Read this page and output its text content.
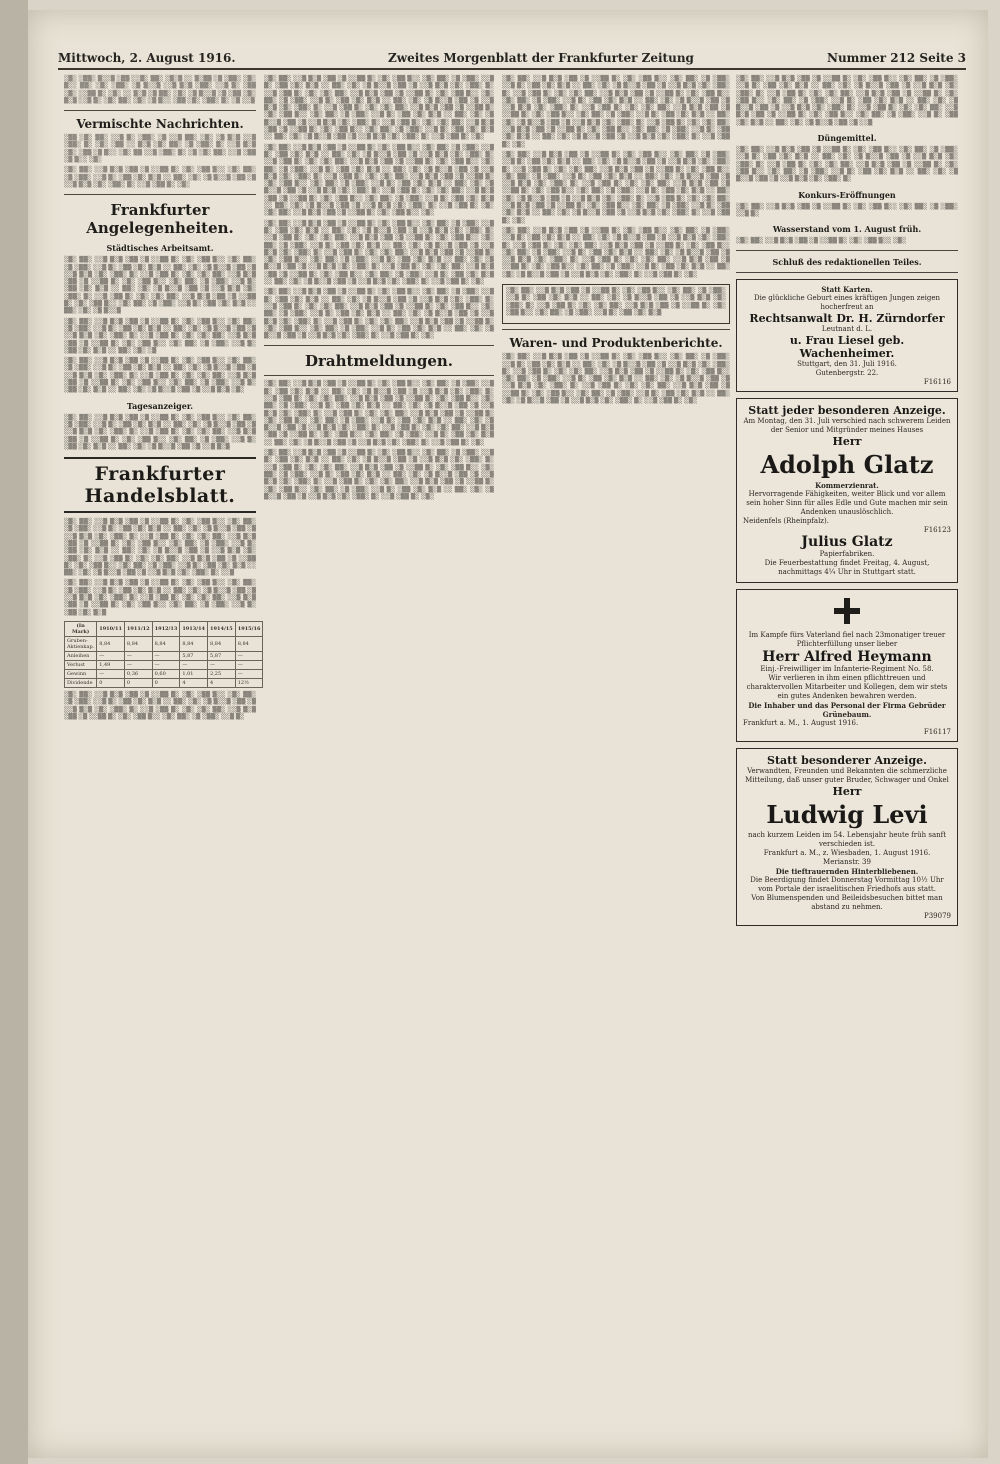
Mittwoch, 2. August 1916.	Zweites Morgenblatt der Frankfurter Zeitung	Nummer 212 Seite 3

░▒░ ░▒▒░ ▒░░▒ ░▒▒ ░░▒░ ▒▒░ ░▒░▒ ░░ ▒░▒▒ ░▒ ░▒▒░ ░▒░ ▒░░ ▒▒░ ░▒░ ░▒▒░ ░▒ ▒░░▒ ░░▒ ▒░▒ ░▒▒░ ░░▒ ▒░ ░▒▒ ░▒░ ░░▒▒ ▒░ ░▒░ ░░ ▒░▒ ░▒ ▒▒░ ░▒░ ░▒ ▒░░▒ ░▒ ░▒▒ ░▒░ ▒░▒ ░░▒ ▒░ ░▒░ ▒▒░ ░▒░ ░▒ ▒░░ ░▒▒ ░▒░ ░▒▒░ ▒░ ░▒ ░░▒

Vermischte Nachrichten.

░▒▒ ░▒░ ▒▒░ ░░▒ ▒░ ░▒▒░ ░▒ ░░▒ ▒▒░ ░▒░ ░▒ ▒░▒ ░░▒ ░▒▒░ ▒░ ░▒░ ░▒▒ ░░ ▒░▒ ░▒░ ▒▒░ ░▒ ░▒▒░ ▒░ ░░▒ ▒░▒ ░▒░ ░▒▒ ░▒ ▒░░ ░▒░ ▒▒ ░░▒ ░▒▒░ ▒░ ░▒ ░▒░ ▒▒░ ░░▒ ░▒▒ ░▒ ▒░░ ░▒░

░▒░ ▒▒░ ░░▒ ▒░▒ ░▒▒ ░▒ ░░▒▒ ▒░ ░▒░ ░▒▒ ▒░░ ░▒░ ▒▒░ ░▒ ░▒▒░ ░░▒ ▒░ ░▒▒ ░▒░ ▒░▒ ░░ ▒▒░ ░▒░ ░▒ ▒░░▒ ░▒▒ ░▒ ░░▒ ▒░▒ ░▒░ ░▒▒░ ▒░ ░░▒ ░▒▒ ▒░ ░▒░

Frankfurter Angelegenheiten.
Städtisches Arbeitsamt.

░▒░ ▒▒░ ░░▒ ▒░▒ ░▒▒ ░▒ ░░▒▒ ▒░ ░▒░ ░▒▒ ▒░░ ░▒░ ▒▒░ ░▒ ░▒▒░ ░░▒ ▒░ ░▒▒ ░▒░ ▒░▒ ░░ ▒▒░ ░▒░ ░▒ ▒░░▒ ░▒▒ ░▒ ░░▒ ▒░▒ ░▒░ ░▒▒░ ▒░ ░░▒ ░▒▒ ▒░ ░▒░ ░▒░ ▒▒░ ░░▒ ▒░▒ ░▒▒ ░▒ ░░▒▒ ▒░ ░▒░ ░▒▒ ▒░░ ░▒░ ▒▒░ ░▒ ░▒▒░ ░░▒ ▒░ ░▒▒ ░▒░ ▒░▒ ░░ ▒▒░ ░▒░ ░▒ ▒░░▒ ░▒▒ ░▒ ░░▒ ▒░▒ ░▒░ ░▒▒░ ▒░ ░░▒ ░▒▒ ▒░ ░▒░ ░▒░ ▒▒░ ░░▒ ▒░▒ ░▒▒ ░▒ ░░▒▒ ▒░ ░▒░ ░▒▒ ▒░░ ░▒░ ▒▒░ ░▒ ░▒▒░ ░░▒ ▒░ ░▒▒ ░▒░ ▒░▒ ░░ ▒▒░ ░▒░ ░▒ ▒░░▒

░▒░ ▒▒░ ░░▒ ▒░▒ ░▒▒ ░▒ ░░▒▒ ▒░ ░▒░ ░▒▒ ▒░░ ░▒░ ▒▒░ ░▒ ░▒▒░ ░░▒ ▒░ ░▒▒ ░▒░ ▒░▒ ░░ ▒▒░ ░▒░ ░▒ ▒░░▒ ░▒▒ ░▒ ░░▒ ▒░▒ ░▒░ ░▒▒░ ▒░ ░░▒ ░▒▒ ▒░ ░▒░ ░▒░ ▒▒░ ░░▒ ▒░▒ ░▒▒ ░▒ ░░▒▒ ▒░ ░▒░ ░▒▒ ▒░░ ░▒░ ▒▒░ ░▒ ░▒▒░ ░░▒ ▒░ ░▒▒ ░▒░ ▒░▒ ░░ ▒▒░ ░▒░ ░▒

░▒░ ▒▒░ ░░▒ ▒░▒ ░▒▒ ░▒ ░░▒▒ ▒░ ░▒░ ░▒▒ ▒░░ ░▒░ ▒▒░ ░▒ ░▒▒░ ░░▒ ▒░ ░▒▒ ░▒░ ▒░▒ ░░ ▒▒░ ░▒░ ░▒ ▒░░▒ ░▒▒ ░▒ ░░▒ ▒░▒ ░▒░ ░▒▒░ ▒░ ░░▒ ░▒▒ ▒░ ░▒░ ░▒░ ▒▒░ ░░▒ ▒░▒ ░▒▒ ░▒ ░░▒▒ ▒░ ░▒░ ░▒▒ ▒░░ ░▒░ ▒▒░ ░▒ ░▒▒░ ░░▒ ▒░ ░▒▒ ░▒░ ▒░▒ ░░ ▒▒░ ░▒░ ░▒ ▒░░▒ ░▒▒ ░▒ ░░▒ ▒░▒ ░▒░

Tagesanzeiger.

░▒░ ▒▒░ ░░▒ ▒░▒ ░▒▒ ░▒ ░░▒▒ ▒░ ░▒░ ░▒▒ ▒░░ ░▒░ ▒▒░ ░▒ ░▒▒░ ░░▒ ▒░ ░▒▒ ░▒░ ▒░▒ ░░ ▒▒░ ░▒░ ░▒ ▒░░▒ ░▒▒ ░▒ ░░▒ ▒░▒ ░▒░ ░▒▒░ ▒░ ░░▒ ░▒▒ ▒░ ░▒░ ░▒░ ▒▒░ ░░▒ ▒░▒ ░▒▒ ░▒ ░░▒▒ ▒░ ░▒░ ░▒▒ ▒░░ ░▒░ ▒▒░ ░▒ ░▒▒░ ░░▒ ▒░ ░▒▒ ░▒░ ▒░▒ ░░ ▒▒░ ░▒░ ░▒ ▒░░▒ ░▒▒ ░▒ ░░▒ ▒░▒

Frankfurter Handelsblatt.

░▒░ ▒▒░ ░░▒ ▒░▒ ░▒▒ ░▒ ░░▒▒ ▒░ ░▒░ ░▒▒ ▒░░ ░▒░ ▒▒░ ░▒ ░▒▒░ ░░▒ ▒░ ░▒▒ ░▒░ ▒░▒ ░░ ▒▒░ ░▒░ ░▒ ▒░░▒ ░▒▒ ░▒ ░░▒ ▒░▒ ░▒░ ░▒▒░ ▒░ ░░▒ ░▒▒ ▒░ ░▒░ ░▒░ ▒▒░ ░░▒ ▒░▒ ░▒▒ ░▒ ░░▒▒ ▒░ ░▒░ ░▒▒ ▒░░ ░▒░ ▒▒░ ░▒ ░▒▒░ ░░▒ ▒░ ░▒▒ ░▒░ ▒░▒ ░░ ▒▒░ ░▒░ ░▒ ▒░░▒ ░▒▒ ░▒ ░░▒ ▒░▒ ░▒░ ░▒▒░ ▒░ ░░▒ ░▒▒ ▒░ ░▒░ ░▒░ ▒▒░ ░░▒ ▒░▒ ░▒▒ ░▒ ░░▒▒ ▒░ ░▒░ ░▒▒ ▒░░ ░▒░ ▒▒░ ░▒ ░▒▒░ ░░▒ ▒░ ░▒▒ ░▒░ ▒░▒ ░░ ▒▒░ ░▒░ ░▒ ▒░░▒ ░▒▒ ░▒ ░░▒ ▒░▒ ░▒░ ░▒▒░ ▒░ ░░▒

░▒░ ▒▒░ ░░▒ ▒░▒ ░▒▒ ░▒ ░░▒▒ ▒░ ░▒░ ░▒▒ ▒░░ ░▒░ ▒▒░ ░▒ ░▒▒░ ░░▒ ▒░ ░▒▒ ░▒░ ▒░▒ ░░ ▒▒░ ░▒░ ░▒ ▒░░▒ ░▒▒ ░▒ ░░▒ ▒░▒ ░▒░ ░▒▒░ ▒░ ░░▒ ░▒▒ ▒░ ░▒░ ░▒░ ▒▒░ ░░▒ ▒░▒ ░▒▒ ░▒ ░░▒▒ ▒░ ░▒░ ░▒▒ ▒░░ ░▒░ ▒▒░ ░▒ ░▒▒░ ░░▒ ▒░ ░▒▒ ░▒░ ▒░▒

(In Mark)	1910/11	1911/12	1912/13	1913/14	1914/15	1915/16
Gruben-Aktienkap.	8,84	8,84	8,84	8,84	8,84	8,84
Anleihen	—	—	—	5,87	5,87	—
Verlust	1,49	—	—	—	—	—
Gewinn	—	0,36	0,60	1,01	2,25	—
Dividende	0	0	0	4	4	12½

░▒░ ▒▒░ ░░▒ ▒░▒ ░▒▒ ░▒ ░░▒▒ ▒░ ░▒░ ░▒▒ ▒░░ ░▒░ ▒▒░ ░▒ ░▒▒░ ░░▒ ▒░ ░▒▒ ░▒░ ▒░▒ ░░ ▒▒░ ░▒░ ░▒ ▒░░▒ ░▒▒ ░▒ ░░▒ ▒░▒ ░▒░ ░▒▒░ ▒░ ░░▒ ░▒▒ ▒░ ░▒░ ░▒░ ▒▒░ ░░▒ ▒░▒ ░▒▒ ░▒ ░░▒▒ ▒░ ░▒░ ░▒▒ ▒░░ ░▒░ ▒▒░ ░▒ ░▒▒░ ░░▒ ▒░

░▒░ ▒▒░ ░░▒ ▒░▒ ░▒▒ ░▒ ░░▒▒ ▒░ ░▒░ ░▒▒ ▒░░ ░▒░ ▒▒░ ░▒ ░▒▒░ ░░▒ ▒░ ░▒▒ ░▒░ ▒░▒ ░░ ▒▒░ ░▒░ ░▒ ▒░░▒ ░▒▒ ░▒ ░░▒ ▒░▒ ░▒░ ░▒▒░ ▒░ ░░▒ ░▒▒ ▒░ ░▒░ ░▒░ ▒▒░ ░░▒ ▒░▒ ░▒▒ ░▒ ░░▒▒ ▒░ ░▒░ ░▒▒ ▒░░ ░▒░ ▒▒░ ░▒ ░▒▒░ ░░▒ ▒░ ░▒▒ ░▒░ ▒░▒ ░░ ▒▒░ ░▒░ ░▒ ▒░░▒ ░▒▒ ░▒ ░░▒ ▒░▒ ░▒░ ░▒▒░ ▒░ ░░▒ ░▒▒ ▒░ ░▒░ ░▒░ ▒▒░ ░░▒ ▒░▒ ░▒▒ ░▒ ░░▒▒ ▒░ ░▒░ ░▒▒ ▒░░ ░▒░ ▒▒░ ░▒ ░▒▒░ ░░▒ ▒░ ░▒▒ ░▒░ ▒░▒ ░░ ▒▒░ ░▒░ ░▒ ▒░░▒ ░▒▒ ░▒ ░░▒ ▒░▒ ░▒░ ░▒▒░ ▒░ ░░▒ ░▒▒ ▒░ ░▒░ ░▒░ ▒▒░ ░░▒ ▒░▒ ░▒▒ ░▒ ░░▒▒ ▒░ ░▒░ ░▒▒ ▒░░ ░▒░ ▒▒░ ░▒ ░▒▒░ ░░▒ ▒░ ░▒▒ ░▒░ ▒░▒ ░░ ▒▒░ ░▒░ ░▒ ▒░░▒ ░▒▒ ░▒ ░░▒ ▒░▒ ░▒░ ░▒▒░ ▒░ ░░▒ ░▒▒ ▒░ ░▒░

░▒░ ▒▒░ ░░▒ ▒░▒ ░▒▒ ░▒ ░░▒▒ ▒░ ░▒░ ░▒▒ ▒░░ ░▒░ ▒▒░ ░▒ ░▒▒░ ░░▒ ▒░ ░▒▒ ░▒░ ▒░▒ ░░ ▒▒░ ░▒░ ░▒ ▒░░▒ ░▒▒ ░▒ ░░▒ ▒░▒ ░▒░ ░▒▒░ ▒░ ░░▒ ░▒▒ ▒░ ░▒░ ░▒░ ▒▒░ ░░▒ ▒░▒ ░▒▒ ░▒ ░░▒▒ ▒░ ░▒░ ░▒▒ ▒░░ ░▒░ ▒▒░ ░▒ ░▒▒░ ░░▒ ▒░ ░▒▒ ░▒░ ▒░▒ ░░ ▒▒░ ░▒░ ░▒ ▒░░▒ ░▒▒ ░▒ ░░▒ ▒░▒ ░▒░ ░▒▒░ ▒░ ░░▒ ░▒▒ ▒░ ░▒░ ░▒░ ▒▒░ ░░▒ ▒░▒ ░▒▒ ░▒ ░░▒▒ ▒░ ░▒░ ░▒▒ ▒░░ ░▒░ ▒▒░ ░▒ ░▒▒░ ░░▒ ▒░ ░▒▒ ░▒░ ▒░▒ ░░ ▒▒░ ░▒░ ░▒ ▒░░▒ ░▒▒ ░▒ ░░▒ ▒░▒ ░▒░ ░▒▒░ ▒░ ░░▒ ░▒▒ ▒░ ░▒░ ░▒░ ▒▒░ ░░▒ ▒░▒ ░▒▒ ░▒ ░░▒▒ ▒░ ░▒░ ░▒▒ ▒░░ ░▒░ ▒▒░ ░▒ ░▒▒░ ░░▒ ▒░ ░▒▒ ░▒░ ▒░▒ ░░ ▒▒░ ░▒░ ░▒ ▒░░▒ ░▒▒ ░▒ ░░▒ ▒░▒ ░▒░ ░▒▒░ ▒░ ░░▒ ░▒▒ ▒░ ░▒░ ░▒░ ▒▒░ ░░▒ ▒░▒ ░▒▒ ░▒ ░░▒▒ ▒░ ░▒░ ░▒▒ ▒░░ ░▒░

░▒░ ▒▒░ ░░▒ ▒░▒ ░▒▒ ░▒ ░░▒▒ ▒░ ░▒░ ░▒▒ ▒░░ ░▒░ ▒▒░ ░▒ ░▒▒░ ░░▒ ▒░ ░▒▒ ░▒░ ▒░▒ ░░ ▒▒░ ░▒░ ░▒ ▒░░▒ ░▒▒ ░▒ ░░▒ ▒░▒ ░▒░ ░▒▒░ ▒░ ░░▒ ░▒▒ ▒░ ░▒░ ░▒░ ▒▒░ ░░▒ ▒░▒ ░▒▒ ░▒ ░░▒▒ ▒░ ░▒░ ░▒▒ ▒░░ ░▒░ ▒▒░ ░▒ ░▒▒░ ░░▒ ▒░ ░▒▒ ░▒░ ▒░▒ ░░ ▒▒░ ░▒░ ░▒ ▒░░▒ ░▒▒ ░▒ ░░▒ ▒░▒ ░▒░ ░▒▒░ ▒░ ░░▒ ░▒▒ ▒░ ░▒░ ░▒░ ▒▒░ ░░▒ ▒░▒ ░▒▒ ░▒ ░░▒▒ ▒░ ░▒░ ░▒▒ ▒░░ ░▒░ ▒▒░ ░▒ ░▒▒░ ░░▒ ▒░ ░▒▒ ░▒░ ▒░▒ ░░ ▒▒░ ░▒░ ░▒ ▒░░▒ ░▒▒ ░▒ ░░▒ ▒░▒ ░▒░ ░▒▒░ ▒░ ░░▒ ░▒▒ ▒░ ░▒░ ░▒░ ▒▒░ ░░▒ ▒░▒ ░▒▒ ░▒ ░░▒▒ ▒░ ░▒░ ░▒▒ ▒░░ ░▒░ ▒▒░ ░▒ ░▒▒░ ░░▒ ▒░ ░▒▒ ░▒░ ▒░▒ ░░ ▒▒░ ░▒░ ░▒ ▒░░▒ ░▒▒ ░▒ ░░▒ ▒░▒ ░▒░ ░▒▒░ ▒░ ░░▒ ░▒▒ ▒░ ░▒░

░▒░ ▒▒░ ░░▒ ▒░▒ ░▒▒ ░▒ ░░▒▒ ▒░ ░▒░ ░▒▒ ▒░░ ░▒░ ▒▒░ ░▒ ░▒▒░ ░░▒ ▒░ ░▒▒ ░▒░ ▒░▒ ░░ ▒▒░ ░▒░ ░▒ ▒░░▒ ░▒▒ ░▒ ░░▒ ▒░▒ ░▒░ ░▒▒░ ▒░ ░░▒ ░▒▒ ▒░ ░▒░ ░▒░ ▒▒░ ░░▒ ▒░▒ ░▒▒ ░▒ ░░▒▒ ▒░ ░▒░ ░▒▒ ▒░░ ░▒░ ▒▒░ ░▒ ░▒▒░ ░░▒ ▒░ ░▒▒ ░▒░ ▒░▒ ░░ ▒▒░ ░▒░ ░▒ ▒░░▒ ░▒▒ ░▒ ░░▒ ▒░▒ ░▒░ ░▒▒░ ▒░ ░░▒ ░▒▒ ▒░ ░▒░ ░▒░ ▒▒░ ░░▒ ▒░▒ ░▒▒ ░▒ ░░▒▒ ▒░ ░▒░ ░▒▒ ▒░░ ░▒░ ▒▒░ ░▒ ░▒▒░ ░░▒ ▒░ ░▒▒ ░▒░ ▒░▒ ░░ ▒▒░ ░▒░ ░▒ ▒░░▒ ░▒▒ ░▒ ░░▒ ▒░▒ ░▒░ ░▒▒░ ▒░ ░░▒ ░▒▒ ▒░ ░▒░

Drahtmeldungen.

░▒░ ▒▒░ ░░▒ ▒░▒ ░▒▒ ░▒ ░░▒▒ ▒░ ░▒░ ░▒▒ ▒░░ ░▒░ ▒▒░ ░▒ ░▒▒░ ░░▒ ▒░ ░▒▒ ░▒░ ▒░▒ ░░ ▒▒░ ░▒░ ░▒ ▒░░▒ ░▒▒ ░▒ ░░▒ ▒░▒ ░▒░ ░▒▒░ ▒░ ░░▒ ░▒▒ ▒░ ░▒░ ░▒░ ▒▒░ ░░▒ ▒░▒ ░▒▒ ░▒ ░░▒▒ ▒░ ░▒░ ░▒▒ ▒░░ ░▒░ ▒▒░ ░▒ ░▒▒░ ░░▒ ▒░ ░▒▒ ░▒░ ▒░▒ ░░ ▒▒░ ░▒░ ░▒ ▒░░▒ ░▒▒ ░▒ ░░▒ ▒░▒ ░▒░ ░▒▒░ ▒░ ░░▒ ░▒▒ ▒░ ░▒░ ░▒░ ▒▒░ ░░▒ ▒░▒ ░▒▒ ░▒ ░░▒▒ ▒░ ░▒░ ░▒▒ ▒░░ ░▒░ ▒▒░ ░▒ ░▒▒░ ░░▒ ▒░ ░▒▒ ░▒░ ▒░▒ ░░ ▒▒░ ░▒░ ░▒ ▒░░▒ ░▒▒ ░▒ ░░▒ ▒░▒ ░▒░ ░▒▒░ ▒░ ░░▒ ░▒▒ ▒░ ░▒░ ░▒░ ▒▒░ ░░▒ ▒░▒ ░▒▒ ░▒ ░░▒▒ ▒░ ░▒░ ░▒▒ ▒░░ ░▒░ ▒▒░ ░▒ ░▒▒░ ░░▒ ▒░ ░▒▒ ░▒░ ▒░▒ ░░ ▒▒░ ░▒░ ░▒ ▒░░▒ ░▒▒ ░▒ ░░▒ ▒░▒ ░▒░ ░▒▒░ ▒░ ░░▒ ░▒▒ ▒░ ░▒░

░▒░ ▒▒░ ░░▒ ▒░▒ ░▒▒ ░▒ ░░▒▒ ▒░ ░▒░ ░▒▒ ▒░░ ░▒░ ▒▒░ ░▒ ░▒▒░ ░░▒ ▒░ ░▒▒ ░▒░ ▒░▒ ░░ ▒▒░ ░▒░ ░▒ ▒░░▒ ░▒▒ ░▒ ░░▒ ▒░▒ ░▒░ ░▒▒░ ▒░ ░░▒ ░▒▒ ▒░ ░▒░ ░▒░ ▒▒░ ░░▒ ▒░▒ ░▒▒ ░▒ ░░▒▒ ▒░ ░▒░ ░▒▒ ▒░░ ░▒░ ▒▒░ ░▒ ░▒▒░ ░░▒ ▒░ ░▒▒ ░▒░ ▒░▒ ░░ ▒▒░ ░▒░ ░▒ ▒░░▒ ░▒▒ ░▒ ░░▒ ▒░▒ ░▒░ ░▒▒░ ▒░ ░░▒ ░▒▒ ▒░ ░▒░ ░▒░ ▒▒░ ░░▒ ▒░▒ ░▒▒ ░▒ ░░▒▒ ▒░ ░▒░ ░▒▒ ▒░░ ░▒░ ▒▒░ ░▒ ░▒▒░ ░░▒ ▒░ ░▒▒ ░▒░ ▒░▒ ░░ ▒▒░ ░▒░ ░▒ ▒░░▒ ░▒▒ ░▒ ░░▒ ▒░▒ ░▒░ ░▒▒░ ▒░ ░░▒ ░▒▒ ▒░ ░▒░

░▒░ ▒▒░ ░░▒ ▒░▒ ░▒▒ ░▒ ░░▒▒ ▒░ ░▒░ ░▒▒ ▒░░ ░▒░ ▒▒░ ░▒ ░▒▒░ ░░▒ ▒░ ░▒▒ ░▒░ ▒░▒ ░░ ▒▒░ ░▒░ ░▒ ▒░░▒ ░▒▒ ░▒ ░░▒ ▒░▒ ░▒░ ░▒▒░ ▒░ ░░▒ ░▒▒ ▒░ ░▒░ ░▒░ ▒▒░ ░░▒ ▒░▒ ░▒▒ ░▒ ░░▒▒ ▒░ ░▒░ ░▒▒ ▒░░ ░▒░ ▒▒░ ░▒ ░▒▒░ ░░▒ ▒░ ░▒▒ ░▒░ ▒░▒ ░░ ▒▒░ ░▒░ ░▒ ▒░░▒ ░▒▒ ░▒ ░░▒ ▒░▒ ░▒░ ░▒▒░ ▒░ ░░▒ ░▒▒ ▒░ ░▒░ ░▒░ ▒▒░ ░░▒ ▒░▒ ░▒▒ ░▒ ░░▒▒ ▒░ ░▒░ ░▒▒ ▒░░ ░▒░ ▒▒░ ░▒ ░▒▒░ ░░▒ ▒░ ░▒▒ ░▒░ ▒░▒ ░░ ▒▒░ ░▒░ ░▒ ▒░░▒ ░▒▒ ░▒ ░░▒ ▒░▒ ░▒░ ░▒▒░ ▒░ ░░▒ ░▒▒ ▒░ ░▒░ ░▒░ ▒▒░ ░░▒ ▒░▒ ░▒▒ ░▒ ░░▒▒ ▒░ ░▒░ ░▒▒ ▒░░ ░▒░ ▒▒░ ░▒ ░▒▒░ ░░▒ ▒░ ░▒▒ ░▒░ ▒░▒ ░░ ▒▒░ ░▒░ ░▒ ▒░░▒ ░▒▒ ░▒ ░░▒ ▒░▒ ░▒░ ░▒▒░ ▒░ ░░▒ ░▒▒ ▒░ ░▒░

░▒░ ▒▒░ ░░▒ ▒░▒ ░▒▒ ░▒ ░░▒▒ ▒░ ░▒░ ░▒▒ ▒░░ ░▒░ ▒▒░ ░▒ ░▒▒░ ░░▒ ▒░ ░▒▒ ░▒░ ▒░▒ ░░ ▒▒░ ░▒░ ░▒ ▒░░▒ ░▒▒ ░▒ ░░▒ ▒░▒ ░▒░ ░▒▒░ ▒░ ░░▒ ░▒▒ ▒░ ░▒░ ░▒░ ▒▒░ ░░▒ ▒░▒ ░▒▒ ░▒ ░░▒▒ ▒░ ░▒░ ░▒▒ ▒░░ ░▒░ ▒▒░ ░▒ ░▒▒░ ░░▒ ▒░ ░▒▒ ░▒░ ▒░▒ ░░ ▒▒░ ░▒░ ░▒ ▒░░▒ ░▒▒ ░▒ ░░▒ ▒░▒ ░▒░ ░▒▒░ ▒░ ░░▒ ░▒▒ ▒░ ░▒░ ░▒░ ▒▒░ ░░▒ ▒░▒ ░▒▒ ░▒ ░░▒▒ ▒░ ░▒░ ░▒▒ ▒░░ ░▒░ ▒▒░ ░▒ ░▒▒░ ░░▒ ▒░ ░▒▒ ░▒░ ▒░▒ ░░ ▒▒░ ░▒░ ░▒ ▒░░▒ ░▒▒ ░▒ ░░▒ ▒░▒ ░▒░ ░▒▒░ ▒░ ░░▒ ░▒▒ ▒░ ░▒░ ░▒░ ▒▒░ ░░▒ ▒░▒ ░▒▒ ░▒ ░░▒▒ ▒░ ░▒░ ░▒▒ ▒░░ ░▒░ ▒▒░ ░▒ ░▒▒░ ░░▒ ▒░ ░▒▒ ░▒░ ▒░▒ ░░ ▒▒░ ░▒░ ░▒ ▒░░▒ ░▒▒ ░▒ ░░▒ ▒░▒ ░▒░ ░▒▒░ ▒░ ░░▒ ░▒▒ ▒░ ░▒░

░▒░ ▒▒░ ░░▒ ▒░▒ ░▒▒ ░▒ ░░▒▒ ▒░ ░▒░ ░▒▒ ▒░░ ░▒░ ▒▒░ ░▒ ░▒▒░ ░░▒ ▒░ ░▒▒ ░▒░ ▒░▒ ░░ ▒▒░ ░▒░ ░▒ ▒░░▒ ░▒▒ ░▒ ░░▒ ▒░▒ ░▒░ ░▒▒░ ▒░ ░░▒ ░▒▒ ▒░ ░▒░ ░▒░ ▒▒░ ░░▒ ▒░▒ ░▒▒ ░▒ ░░▒▒ ▒░ ░▒░ ░▒▒ ▒░░ ░▒░ ▒▒░ ░▒ ░▒▒░ ░░▒ ▒░ ░▒▒ ░▒░ ▒░▒ ░░ ▒▒░ ░▒░ ░▒ ▒░░▒ ░▒▒ ░▒ ░░▒ ▒░▒ ░▒░ ░▒▒░ ▒░ ░░▒ ░▒▒ ▒░ ░▒░ ░▒░ ▒▒░ ░░▒ ▒░▒ ░▒▒ ░▒ ░░▒▒ ▒░ ░▒░ ░▒▒ ▒░░ ░▒░ ▒▒░ ░▒ ░▒▒░ ░░▒ ▒░ ░▒▒ ░▒░ ▒░▒ ░░ ▒▒░ ░▒░ ░▒ ▒░░▒ ░▒▒ ░▒ ░░▒ ▒░▒ ░▒░ ░▒▒░ ▒░ ░░▒ ░▒▒ ▒░ ░▒░

░▒░ ▒▒░ ░░▒ ▒░▒ ░▒▒ ░▒ ░░▒▒ ▒░ ░▒░ ░▒▒ ▒░░ ░▒░ ▒▒░ ░▒ ░▒▒░ ░░▒ ▒░ ░▒▒ ░▒░ ▒░▒ ░░ ▒▒░ ░▒░ ░▒ ▒░░▒ ░▒▒ ░▒ ░░▒ ▒░▒ ░▒░ ░▒▒░ ▒░ ░░▒ ░▒▒ ▒░ ░▒░ ░▒░ ▒▒░ ░░▒ ▒░▒ ░▒▒ ░▒ ░░▒▒ ▒░ ░▒░ ░▒▒ ▒░░ ░▒░ ▒▒░ ░▒ ░▒▒░ ░░▒ ▒░ ░▒▒ ░▒░ ▒░▒

Waren- und Produktenberichte.

░▒░ ▒▒░ ░░▒ ▒░▒ ░▒▒ ░▒ ░░▒▒ ▒░ ░▒░ ░▒▒ ▒░░ ░▒░ ▒▒░ ░▒ ░▒▒░ ░░▒ ▒░ ░▒▒ ░▒░ ▒░▒ ░░ ▒▒░ ░▒░ ░▒ ▒░░▒ ░▒▒ ░▒ ░░▒ ▒░▒ ░▒░ ░▒▒░ ▒░ ░░▒ ░▒▒ ▒░ ░▒░ ░▒░ ▒▒░ ░░▒ ▒░▒ ░▒▒ ░▒ ░░▒▒ ▒░ ░▒░ ░▒▒ ▒░░ ░▒░ ▒▒░ ░▒ ░▒▒░ ░░▒ ▒░ ░▒▒ ░▒░ ▒░▒ ░░ ▒▒░ ░▒░ ░▒ ▒░░▒ ░▒▒ ░▒ ░░▒ ▒░▒ ░▒░ ░▒▒░ ▒░ ░░▒ ░▒▒ ▒░ ░▒░ ░▒░ ▒▒░ ░░▒ ▒░▒ ░▒▒ ░▒ ░░▒▒ ▒░ ░▒░ ░▒▒ ▒░░ ░▒░ ▒▒░ ░▒ ░▒▒░ ░░▒ ▒░ ░▒▒ ░▒░ ▒░▒ ░░ ▒▒░ ░▒░ ░▒ ▒░░▒ ░▒▒ ░▒ ░░▒ ▒░▒ ░▒░ ░▒▒░ ▒░ ░░▒ ░▒▒ ▒░ ░▒░

░▒░ ▒▒░ ░░▒ ▒░▒ ░▒▒ ░▒ ░░▒▒ ▒░ ░▒░ ░▒▒ ▒░░ ░▒░ ▒▒░ ░▒ ░▒▒░ ░░▒ ▒░ ░▒▒ ░▒░ ▒░▒ ░░ ▒▒░ ░▒░ ░▒ ▒░░▒ ░▒▒ ░▒ ░░▒ ▒░▒ ░▒░ ░▒▒░ ▒░ ░░▒ ░▒▒ ▒░ ░▒░ ░▒░ ▒▒░ ░░▒ ▒░▒ ░▒▒ ░▒ ░░▒▒ ▒░ ░▒░ ░▒▒ ▒░░ ░▒░ ▒▒░ ░▒ ░▒▒░ ░░▒ ▒░ ░▒▒ ░▒░ ▒░▒ ░░ ▒▒░ ░▒░ ░▒ ▒░░▒ ░▒▒ ░▒ ░░▒ ▒░▒ ░▒░ ░▒▒░ ▒░ ░░▒ ░▒▒ ▒░ ░▒░ ░▒░ ▒▒░ ░░▒ ▒░▒ ░▒▒ ░▒ ░░▒▒ ▒░ ░▒░ ░▒▒ ▒░░ ░▒░ ▒▒░ ░▒ ░▒▒░ ░░▒ ▒░ ░▒▒ ░▒░ ▒░▒ ░░ ▒▒░ ░▒░ ░▒ ▒░░▒ ░▒▒ ░▒ ░░▒

Düngemittel.

░▒░ ▒▒░ ░░▒ ▒░▒ ░▒▒ ░▒ ░░▒▒ ▒░ ░▒░ ░▒▒ ▒░░ ░▒░ ▒▒░ ░▒ ░▒▒░ ░░▒ ▒░ ░▒▒ ░▒░ ▒░▒ ░░ ▒▒░ ░▒░ ░▒ ▒░░▒ ░▒▒ ░▒ ░░▒ ▒░▒ ░▒░ ░▒▒░ ▒░ ░░▒ ░▒▒ ▒░ ░▒░ ░▒░ ▒▒░ ░░▒ ▒░▒ ░▒▒ ░▒ ░░▒▒ ▒░ ░▒░ ░▒▒ ▒░░ ░▒░ ▒▒░ ░▒ ░▒▒░ ░░▒ ▒░ ░▒▒ ░▒░ ▒░▒ ░░ ▒▒░ ░▒░ ░▒ ▒░░▒ ░▒▒ ░▒ ░░▒ ▒░▒ ░▒░ ░▒▒░ ▒░

Konkurs-Eröffnungen

░▒░ ▒▒░ ░░▒ ▒░▒ ░▒▒ ░▒ ░░▒▒ ▒░ ░▒░ ░▒▒ ▒░░ ░▒░ ▒▒░ ░▒ ░▒▒░ ░░▒ ▒░

Wasserstand vom 1. August früh.

░▒░ ▒▒░ ░░▒ ▒░▒ ░▒▒ ░▒ ░░▒▒ ▒░ ░▒░ ░▒▒ ▒░░ ░▒░

Schluß des redaktionellen Teiles.
Statt Karten.
Die glückliche Geburt eines kräftigen Jungen zeigen hocherfreut an
Rechtsanwalt Dr. H. Zürndorfer
Leutnant d. L.
u. Frau Liesel geb. Wachenheimer.
Stuttgart, den 31. Juli 1916.
Gutenbergstr. 22.
F16116
Statt jeder besonderen Anzeige.
Am Montag, den 31. Juli verschied nach schwerem Leiden der Senior und Mitgründer meines Hauses
Herr
Adolph Glatz
Kommerzienrat.
Hervorragende Fähigkeiten, weiter Blick und vor allem sein hoher Sinn für alles Edle und Gute machen mir sein Andenken unauslöschlich.
Neidenfels (Rheinpfalz).
F16123
Julius Glatz
Papierfabriken.
Die Feuerbestattung findet Freitag, 4. August, nachmittags 4¼ Uhr in Stuttgart statt.
Im Kampfe fürs Vaterland fiel nach 23monatiger treuer Pflichterfüllung unser lieber
Herr Alfred Heymann
Einj.-Freiwilliger im Infanterie-Regiment No. 58.
Wir verlieren in ihm einen pflichttreuen und charaktervollen Mitarbeiter und Kollegen, dem wir stets ein gutes Andenken bewahren werden.
Die Inhaber und das Personal der Firma Gebrüder Grünebaum.
Frankfurt a. M., 1. August 1916.
F16117
Statt besonderer Anzeige.
Verwandten, Freunden und Bekannten die schmerzliche Mitteilung, daß unser guter Bruder, Schwager und Onkel
Herr
Ludwig Levi
nach kurzem Leiden im 54. Lebensjahr heute früh sanft verschieden ist.
Frankfurt a. M., z. Wiesbaden, 1. August 1916.
Merianstr. 39
Die tieftrauernden Hinterbliebenen.
Die Beerdigung findet Donnerstag Vormittag 10½ Uhr vom Portale der israelitischen Friedhofs aus statt.
Von Blumenspenden und Beileidsbesuchen bittet man abstand zu nehmen.
P39079
